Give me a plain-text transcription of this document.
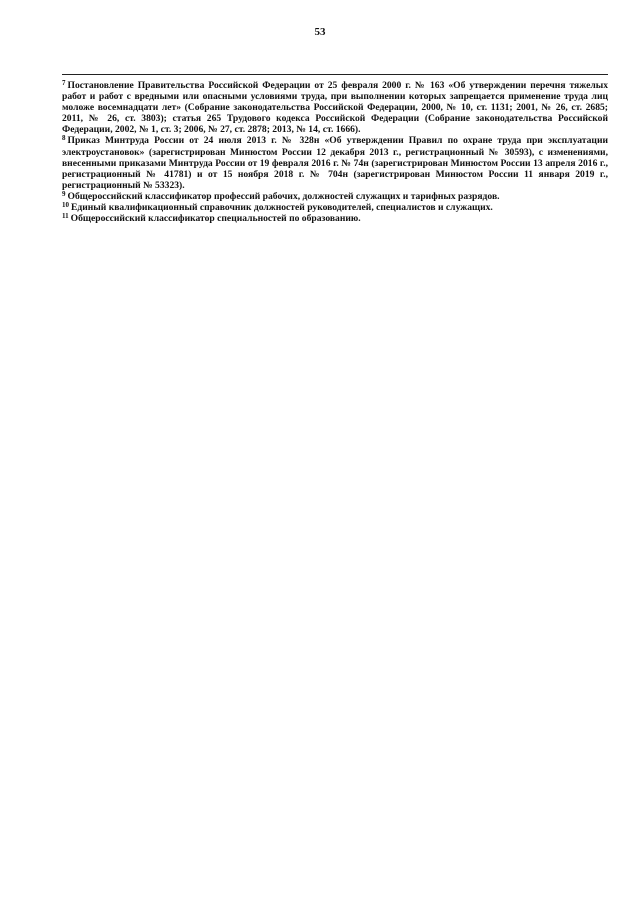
53

$^7$ Постановление Правительства Российской Федерации от 25 февраля 2000 г. № 163 «Об утверждении перечня тяжелых работ и работ с вредными или опасными условиями труда, при выполнении которых запрещается применение труда лиц моложе восемнадцати лет» (Собрание законодательства Российской Федерации, 2000, № 10, ст. 1131; 2001, № 26, ст. 2685; 2011, № 26, ст. 3803); статья 265 Трудового кодекса Российской Федерации (Собрание законодательства Российской Федерации, 2002, № 1, ст. 3; 2006, № 27, ст. 2878; 2013, № 14, ст. 1666).

$^8$ Приказ Минтруда России от 24 июля 2013 г. № 328н «Об утверждении Правил по охране труда при эксплуатации электроустановок» (зарегистрирован Минюстом России 12 декабря 2013 г., регистрационный № 30593), с изменениями, внесенными приказами Минтруда России от 19 февраля 2016 г. № 74н (зарегистрирован Минюстом России 13 апреля 2016 г., регистрационный № 41781) и от 15 ноября 2018 г. № 704н (зарегистрирован Минюстом России 11 января 2019 г., регистрационный № 53323).

$^9$ Общероссийский классификатор профессий рабочих, должностей служащих и тарифных разрядов.

$^{10}$ Единый квалификационный справочник должностей руководителей, специалистов и служащих.

$^{11}$ Общероссийский классификатор специальностей по образованию.
